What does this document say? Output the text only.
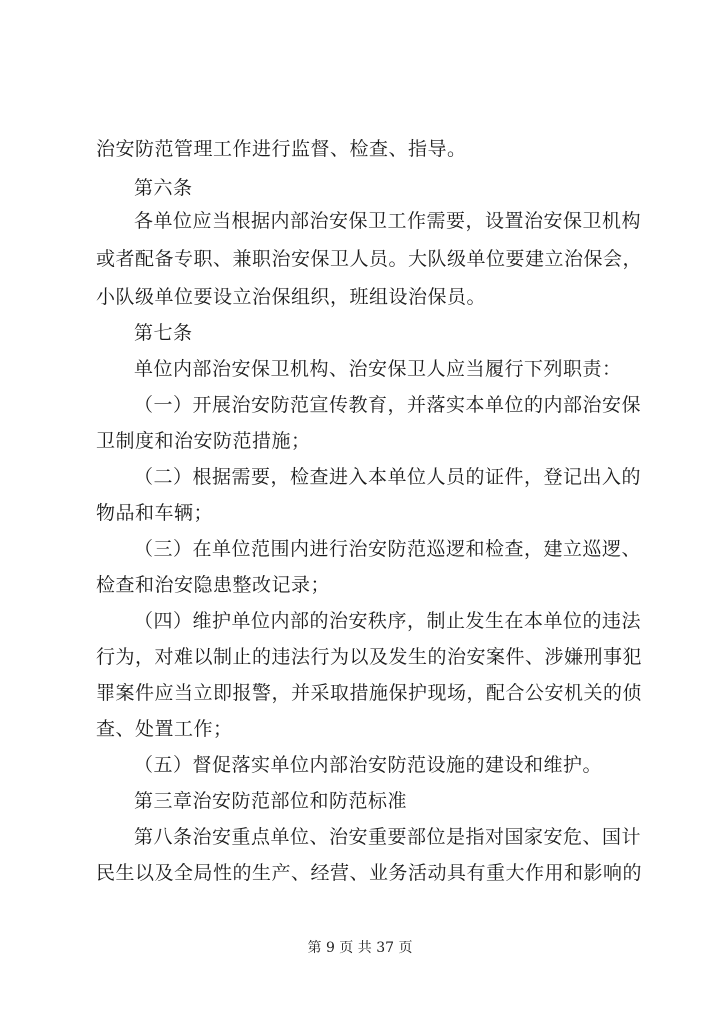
治安防范管理工作进行监督、检查、指导。
第六条
各单位应当根据内部治安保卫工作需要，设置治安保卫机构
或者配备专职、兼职治安保卫人员。大队级单位要建立治保会，
小队级单位要设立治保组织，班组设治保员。
第七条
单位内部治安保卫机构、治安保卫人应当履行下列职责：
（一）开展治安防范宣传教育，并落实本单位的内部治安保
卫制度和治安防范措施；
（二）根据需要，检查进入本单位人员的证件，登记出入的
物品和车辆；
（三）在单位范围内进行治安防范巡逻和检查，建立巡逻、
检查和治安隐患整改记录；
（四）维护单位内部的治安秩序，制止发生在本单位的违法
行为，对难以制止的违法行为以及发生的治安案件、涉嫌刑事犯
罪案件应当立即报警，并采取措施保护现场，配合公安机关的侦
查、处置工作；
（五）督促落实单位内部治安防范设施的建设和维护。
第三章治安防范部位和防范标准
第八条治安重点单位、治安重要部位是指对国家安危、国计
民生以及全局性的生产、经营、业务活动具有重大作用和影响的
第 9 页 共 37 页
